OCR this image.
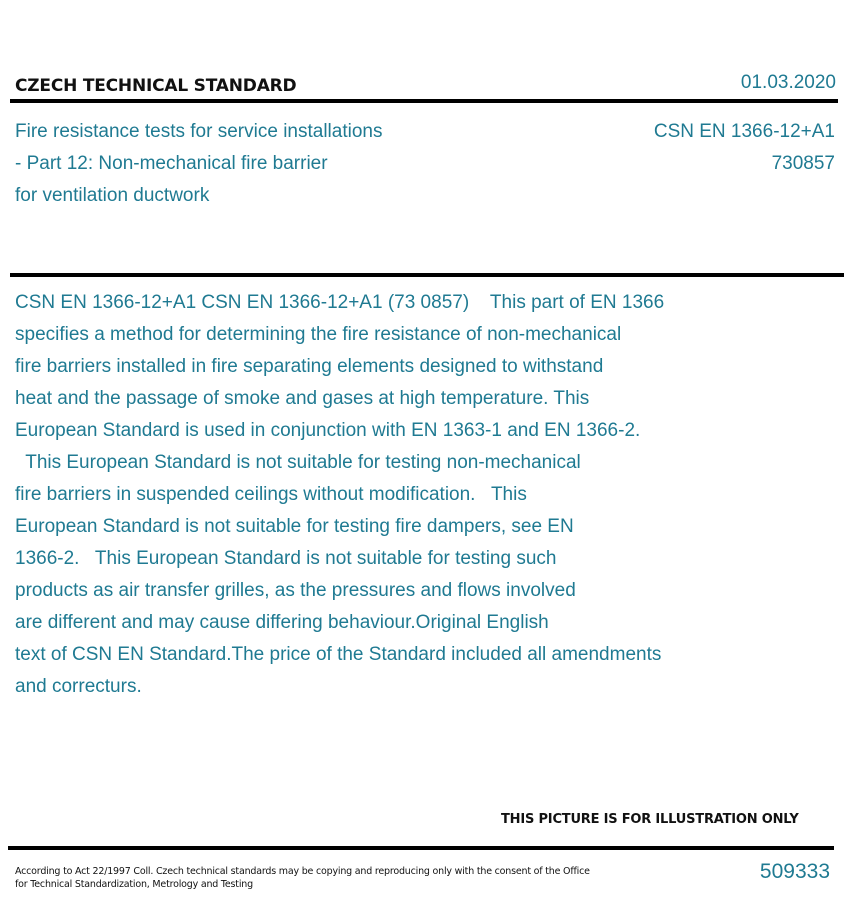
CZECH TECHNICAL STANDARD	01.03.2020
Fire resistance tests for service installations
- Part 12: Non-mechanical fire barrier
for ventilation ductwork
CSN EN 1366-12+A1
730857
CSN EN 1366-12+A1 CSN EN 1366-12+A1 (73 0857)    This part of EN 1366
specifies a method for determining the fire resistance of non-mechanical
fire barriers installed in fire separating elements designed to withstand
heat and the passage of smoke and gases at high temperature. This
European Standard is used in conjunction with EN 1363-1 and EN 1366-2.
This European Standard is not suitable for testing non-mechanical
fire barriers in suspended ceilings without modification.   This
European Standard is not suitable for testing fire dampers, see EN
1366-2.   This European Standard is not suitable for testing such
products as air transfer grilles, as the pressures and flows involved
are different and may cause differing behaviour.Original English
text of CSN EN Standard.The price of the Standard included all amendments
and correcturs.
THIS PICTURE IS FOR ILLUSTRATION ONLY
According to Act 22/1997 Coll. Czech technical standards may be copying and reproducing only with the consent of the Office
for Technical Standardization, Metrology and Testing
509333
